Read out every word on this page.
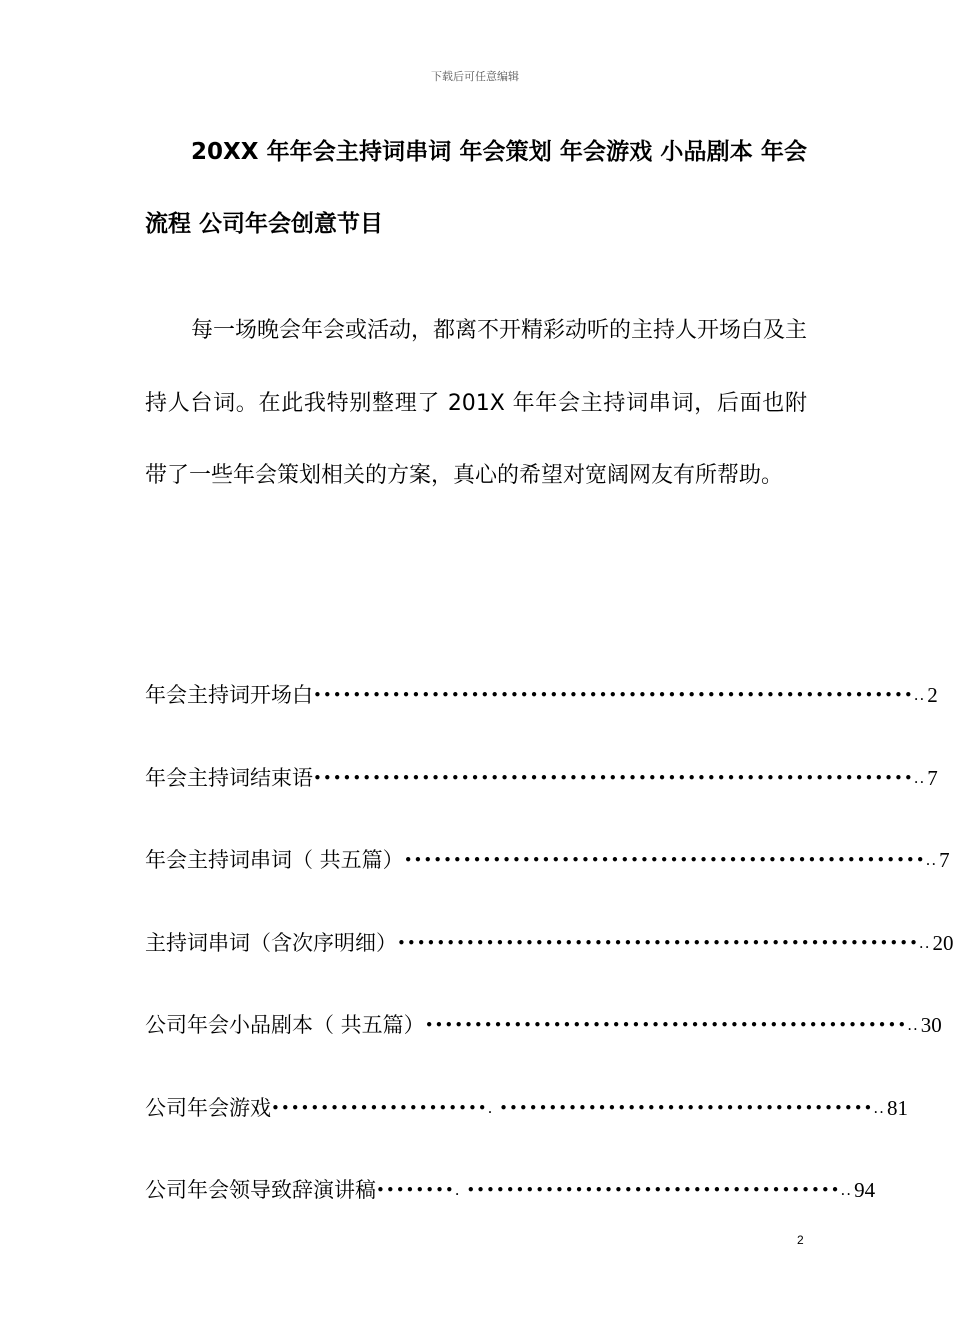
下载后可任意编辑
20XX 年年会主持词串词 年会策划 年会游戏 小品剧本 年会流程 公司年会创意节目

每一场晚会年会或活动，都离不开精彩动听的主持人开场白及主持人台词。在此我特别整理了 201X 年年会主持词串词，后面也附带了一些年会策划相关的方案，真心的希望对宽阔网友有所帮助。

年会主持词开场白 •••••••••••••••••••••••••••••••••••••••••••••••••••••••••••••.. 2
年会主持词结束语 •••••••••••••••••••••••••••••••••••••••••••••••••••••••••••••.. 7
年会主持词串词（ 共五篇） •••••••••••••••••••••••••••••••••••••••••••••••••••••.. 7
主持词串词（含次序明细） •••••••••••••••••••••••••••••••••••••••••••••••••••••.. 20
公司年会小品剧本（ 共五篇） •••••••••••••••••••••••••••••••••••••••••••••••••.. 30
公司年会游戏 ••••••••••••••••••••••. ••••••••••••••••••••••••••••••••••••••.. 81
公司年会领导致辞演讲稿 ••••••••. ••••••••••••••••••••••••••••••••••••••.. 94
2
